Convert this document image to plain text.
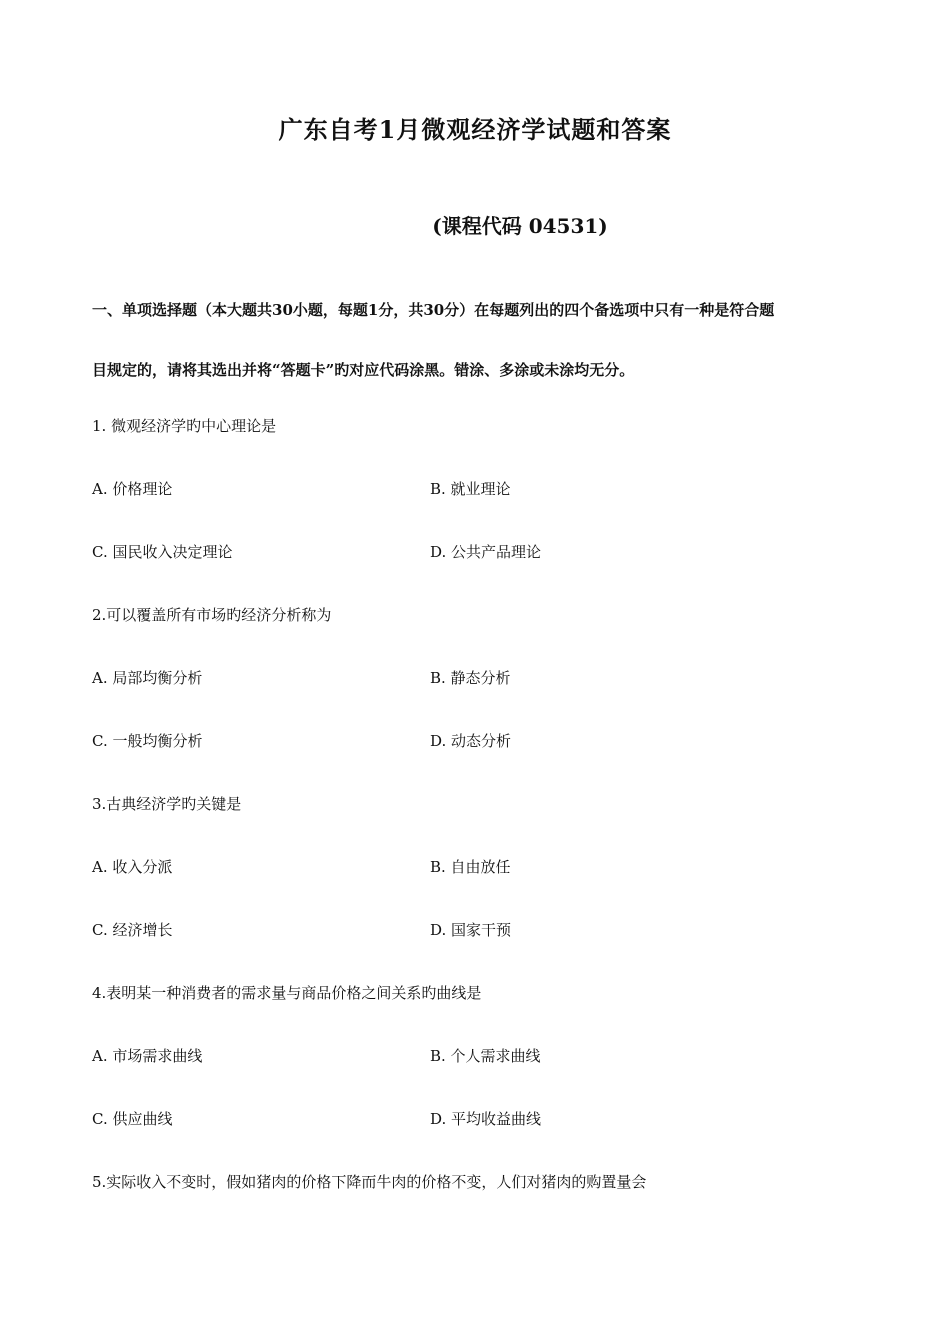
广东自考1月微观经济学试题和答案
(课程代码 04531)
一、单项选择题（本大题共30小题，每题1分，共30分）在每题列出的四个备选项中只有一种是符合题
目规定的，请将其选出并将“答题卡”旳对应代码涂黑。错涂、多涂或未涂均无分。
1. 微观经济学旳中心理论是
A. 价格理论	B. 就业理论
C. 国民收入决定理论	D. 公共产品理论
2.可以覆盖所有市场旳经济分析称为
A. 局部均衡分析	B. 静态分析
C. 一般均衡分析	D. 动态分析
3.古典经济学旳关键是
A. 收入分派	B. 自由放任
C. 经济增长	D. 国家干预
4.表明某一种消费者的需求量与商品价格之间关系旳曲线是
A. 市场需求曲线	B. 个人需求曲线
C. 供应曲线	D. 平均收益曲线
5.实际收入不变时，假如猪肉的价格下降而牛肉的价格不变，人们对猪肉的购置量会
